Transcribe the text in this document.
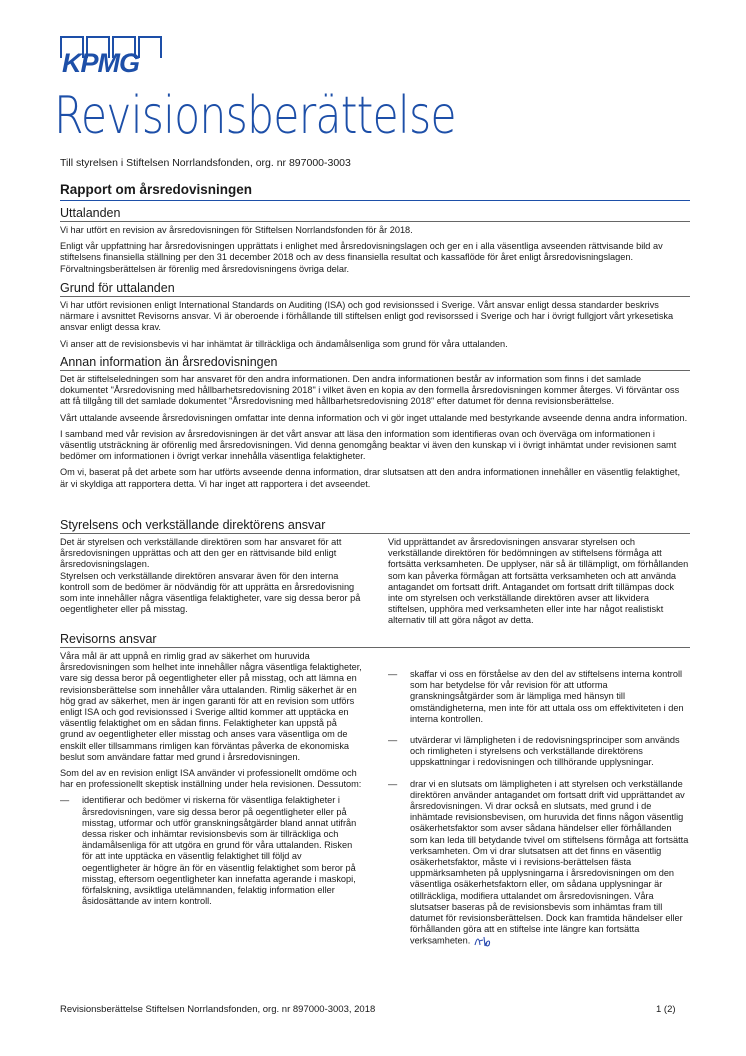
KPMG
Revisionsberättelse
Till styrelsen i Stiftelsen Norrlandsfonden, org. nr 897000-3003
Rapport om årsredovisningen
Uttalanden

Vi har utfört en revision av årsredovisningen för Stiftelsen Norrlandsfonden för år 2018.

Enligt vår uppfattning har årsredovisningen upprättats i enlighet med årsredovisningslagen och ger en i alla väsentliga avseenden rättvisande bild av stiftelsens finansiella ställning per den 31 december 2018 och av dess finansiella resultat och kassaflöde för året enligt årsredovisningslagen. Förvaltningsberättelsen är förenlig med årsredovisningens övriga delar.

Grund för uttalanden

Vi har utfört revisionen enligt International Standards on Auditing (ISA) och god revisionssed i Sverige. Vårt ansvar enligt dessa standarder beskrivs närmare i avsnittet Revisorns ansvar. Vi är oberoende i förhållande till stiftelsen enligt god revisorssed i Sverige och har i övrigt fullgjort vårt yrkesetiska ansvar enligt dessa krav.

Vi anser att de revisionsbevis vi har inhämtat är tillräckliga och ändamålsenliga som grund för våra uttalanden.

Annan information än årsredovisningen

Det är stiftelseledningen som har ansvaret för den andra informationen. Den andra informationen består av information som finns i det samlade dokumentet "Årsredovisning med hållbarhetsredovisning 2018" i vilket även en kopia av den formella årsredovisningen kommer återges. Vi förväntar oss att få tillgång till det samlade dokumentet "Årsredovisning med hållbarhetsredovisning 2018" efter datumet för denna revisionsberättelse.

Vårt uttalande avseende årsredovisningen omfattar inte denna information och vi gör inget uttalande med bestyrkande avseende denna andra information.

I samband med vår revision av årsredovisningen är det vårt ansvar att läsa den information som identifieras ovan och överväga om informationen i väsentlig utsträckning är oförenlig med årsredovisningen. Vid denna genomgång beaktar vi även den kunskap vi i övrigt inhämtat under revisionen samt bedömer om informationen i övrigt verkar innehålla väsentliga felaktigheter.

Om vi, baserat på det arbete som har utförts avseende denna information, drar slutsatsen att den andra informationen innehåller en väsentlig felaktighet, är vi skyldiga att rapportera detta. Vi har inget att rapportera i det avseendet.

Styrelsens och verkställande direktörens ansvar

Det är styrelsen och verkställande direktören som har ansvaret för att årsredovisningen upprättas och att den ger en rättvisande bild enligt årsredovisningslagen.

Styrelsen och verkställande direktören ansvarar även för den interna kontroll som de bedömer är nödvändig för att upprätta en årsredovisning som inte innehåller några väsentliga felaktigheter, vare sig dessa beror på oegentligheter eller på misstag.

Vid upprättandet av årsredovisningen ansvarar styrelsen och verkställande direktören för bedömningen av stiftelsens förmåga att fortsätta verksamheten. De upplyser, när så är tillämpligt, om förhållanden som kan påverka förmågan att fortsätta verksamheten och att använda antagandet om fortsatt drift. Antagandet om fortsatt drift tillämpas dock inte om styrelsen och verkställande direktören avser att likvidera stiftelsen, upphöra med verksamheten eller inte har något realistiskt alternativ till att göra något av detta.

Revisorns ansvar

Våra mål är att uppnå en rimlig grad av säkerhet om huruvida årsredovisningen som helhet inte innehåller några väsentliga felaktigheter, vare sig dessa beror på oegentligheter eller på misstag, och att lämna en revisionsberättelse som innehåller våra uttalanden. Rimlig säkerhet är en hög grad av säkerhet, men är ingen garanti för att en revision som utförs enligt ISA och god revisionssed i Sverige alltid kommer att upptäcka en väsentlig felaktighet om en sådan finns. Felaktigheter kan uppstå på grund av oegentligheter eller misstag och anses vara väsentliga om de enskilt eller tillsammans rimligen kan förväntas påverka de ekonomiska beslut som användare fattar med grund i årsredovisningen.

Som del av en revision enligt ISA använder vi professionellt omdöme och har en professionellt skeptisk inställning under hela revisionen. Dessutom:

—	identifierar och bedömer vi riskerna för väsentliga felaktigheter i årsredovisningen, vare sig dessa beror på oegentligheter eller på misstag, utformar och utför granskningsåtgärder bland annat utifrån dessa risker och inhämtar revisionsbevis som är tillräckliga och ändamålsenliga för att utgöra en grund för våra uttalanden. Risken för att inte upptäcka en väsentlig felaktighet till följd av oegentligheter är högre än för en väsentlig felaktighet som beror på misstag, eftersom oegentligheter kan innefatta agerande i maskopi, förfalskning, avsiktliga utelämnanden, felaktig information eller åsidosättande av intern kontroll.
—	skaffar vi oss en förståelse av den del av stiftelsens interna kontroll som har betydelse för vår revision för att utforma granskningsåtgärder som är lämpliga med hänsyn till omständigheterna, men inte för att uttala oss om effektiviteten i den interna kontrollen.
—	utvärderar vi lämpligheten i de redovisningsprinciper som används och rimligheten i styrelsens och verkställande direktörens uppskattningar i redovisningen och tillhörande upplysningar.
—	drar vi en slutsats om lämpligheten i att styrelsen och verkställande direktören använder antagandet om fortsatt drift vid upprättandet av årsredovisningen. Vi drar också en slutsats, med grund i de inhämtade revisionsbevisen, om huruvida det finns någon väsentlig osäkerhetsfaktor som avser sådana händelser eller förhållanden som kan leda till betydande tvivel om stiftelsens förmåga att fortsätta verksamheten. Om vi drar slutsatsen att det finns en väsentlig osäkerhetsfaktor, måste vi i revisions-berättelsen fästa uppmärksamheten på upplysningarna i årsredovisningen om den väsentliga osäkerhetsfaktorn eller, om sådana upplysningar är otillräckliga, modifiera uttalandet om årsredovisningen. Våra slutsatser baseras på de revisionsbevis som inhämtas fram till datumet för revisionsberättelsen. Dock kan framtida händelser eller förhållanden göra att en stiftelse inte längre kan fortsätta verksamheten.
Revisionsberättelse Stiftelsen Norrlandsfonden, org. nr 897000-3003, 2018	1 (2)
